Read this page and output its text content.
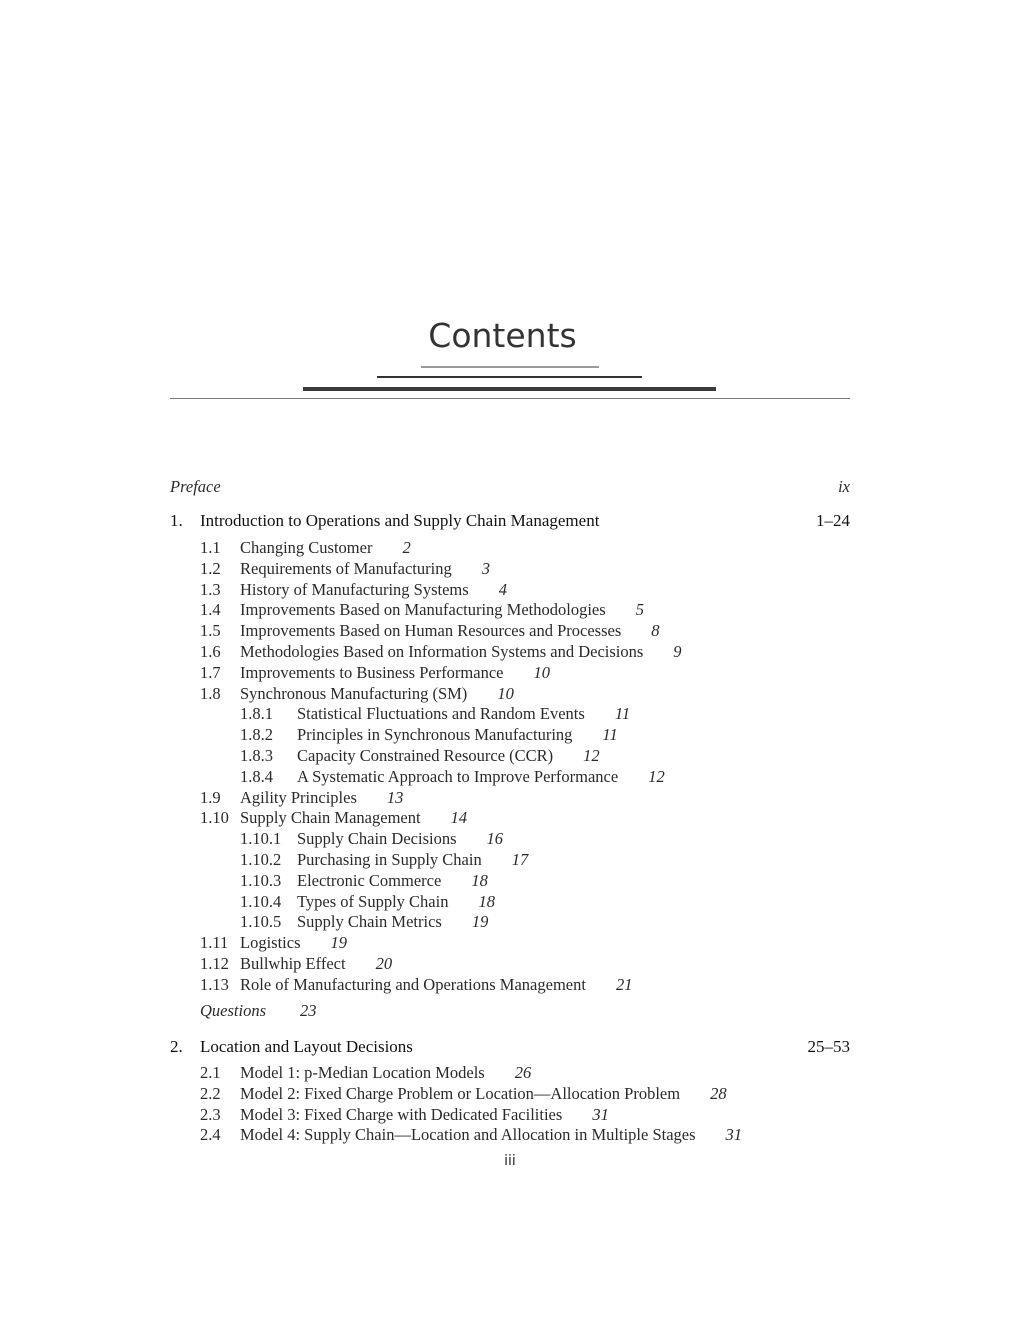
Contents
Preface	ix
1. Introduction to Operations and Supply Chain Management	1–24
1.1 Changing Customer 2
1.2 Requirements of Manufacturing 3
1.3 History of Manufacturing Systems 4
1.4 Improvements Based on Manufacturing Methodologies 5
1.5 Improvements Based on Human Resources and Processes 8
1.6 Methodologies Based on Information Systems and Decisions 9
1.7 Improvements to Business Performance 10
1.8 Synchronous Manufacturing (SM) 10
1.8.1 Statistical Fluctuations and Random Events 11
1.8.2 Principles in Synchronous Manufacturing 11
1.8.3 Capacity Constrained Resource (CCR) 12
1.8.4 A Systematic Approach to Improve Performance 12
1.9 Agility Principles 13
1.10 Supply Chain Management 14
1.10.1 Supply Chain Decisions 16
1.10.2 Purchasing in Supply Chain 17
1.10.3 Electronic Commerce 18
1.10.4 Types of Supply Chain 18
1.10.5 Supply Chain Metrics 19
1.11 Logistics 19
1.12 Bullwhip Effect 20
1.13 Role of Manufacturing and Operations Management 21
Questions 23
2. Location and Layout Decisions	25–53
2.1 Model 1: p-Median Location Models 26
2.2 Model 2: Fixed Charge Problem or Location—Allocation Problem 28
2.3 Model 3: Fixed Charge with Dedicated Facilities 31
2.4 Model 4: Supply Chain—Location and Allocation in Multiple Stages 31
iii
